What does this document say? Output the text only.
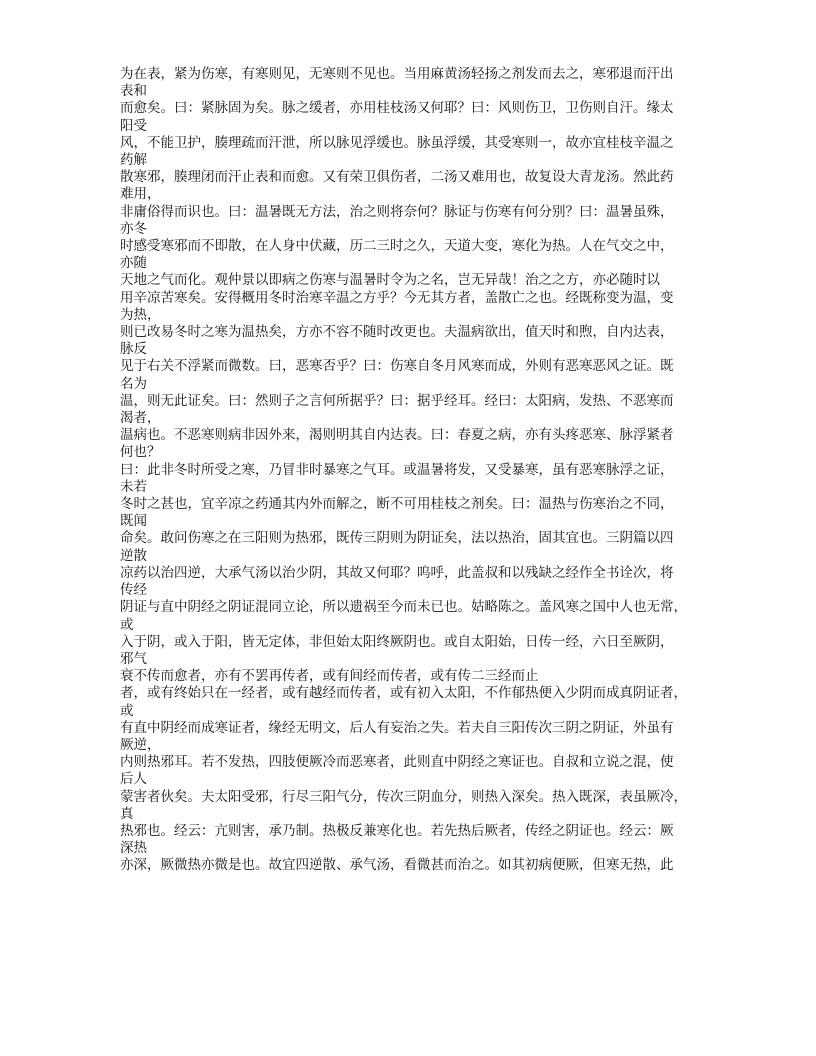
为在表，紧为伤寒，有寒则见，无寒则不见也。当用麻黄汤轻扬之剂发而去之，寒邪退而汗出
表和
而愈矣。曰：紧脉固为矣。脉之缓者，亦用桂枝汤又何耶？曰：风则伤卫，卫伤则自汗。缘太
阳受
风，不能卫护，腠理疏而汗泄，所以脉见浮缓也。脉虽浮缓，其受寒则一，故亦宜桂枝辛温之
药解
散寒邪，腠理闭而汗止表和而愈。又有荣卫俱伤者，二汤又难用也，故复设大青龙汤。然此药
难用，
非庸俗得而识也。曰：温暑既无方法，治之则将奈何？脉证与伤寒有何分别？曰：温暑虽殊，
亦冬
时感受寒邪而不即散，在人身中伏藏，历二三时之久，天道大变，寒化为热。人在气交之中，
亦随
天地之气而化。观仲景以即病之伤寒与温暑时令为之名，岂无异哉！治之之方，亦必随时以
用辛凉苦寒矣。安得概用冬时治寒辛温之方乎？今无其方者，盖散亡之也。经既称变为温，变
为热，
则已改易冬时之寒为温热矣，方亦不容不随时改更也。夫温病欲出，值天时和煦，自内达表，
脉反
见于右关不浮紧而微数。曰，恶寒否乎？曰：伤寒自冬月风寒而成，外则有恶寒恶风之证。既
名为
温，则无此证矣。曰：然则子之言何所据乎？曰：据乎经耳。经曰：太阳病，发热、不恶寒而
渴者，
温病也。不恶寒则病非因外来，渴则明其自内达表。曰：春夏之病，亦有头疼恶寒、脉浮紧者
何也？
曰：此非冬时所受之寒，乃冒非时暴寒之气耳。或温暑将发，又受暴寒，虽有恶寒脉浮之证，
未若
冬时之甚也，宜辛凉之药通其内外而解之，断不可用桂枝之剂矣。曰：温热与伤寒治之不同，
既闻
命矣。敢问伤寒之在三阳则为热邪，既传三阴则为阴证矣，法以热治，固其宜也。三阴篇以四
逆散
凉药以治四逆，大承气汤以治少阴，其故又何耶？呜呼，此盖叔和以残缺之经作全书诠次，将
传经
阴证与直中阴经之阴证混同立论，所以遗祸至今而未已也。姑略陈之。盖风寒之国中人也无常，
或
入于阴，或入于阳，皆无定体，非但始太阳终厥阴也。或自太阳始，日传一经，六日至厥阴，
邪气
衰不传而愈者，亦有不罢再传者，或有间经而传者，或有传二三经而止
者，或有终始只在一经者，或有越经而传者，或有初入太阳，不作郁热便入少阴而成真阴证者，
或
有直中阴经而成寒证者，缘经无明文，后人有妄治之失。若夫自三阳传次三阴之阴证，外虽有
厥逆，
内则热邪耳。若不发热，四肢便厥冷而恶寒者，此则直中阴经之寒证也。自叔和立说之混，使
后人
蒙害者伙矣。夫太阳受邪，行尽三阳气分，传次三阴血分，则热入深矣。热入既深，表虽厥冷，
真
热邪也。经云：亢则害，承乃制。热极反兼寒化也。若先热后厥者，传经之阴证也。经云：厥
深热
亦深，厥微热亦微是也。故宜四逆散、承气汤，看微甚而治之。如其初病便厥，但寒无热，此
